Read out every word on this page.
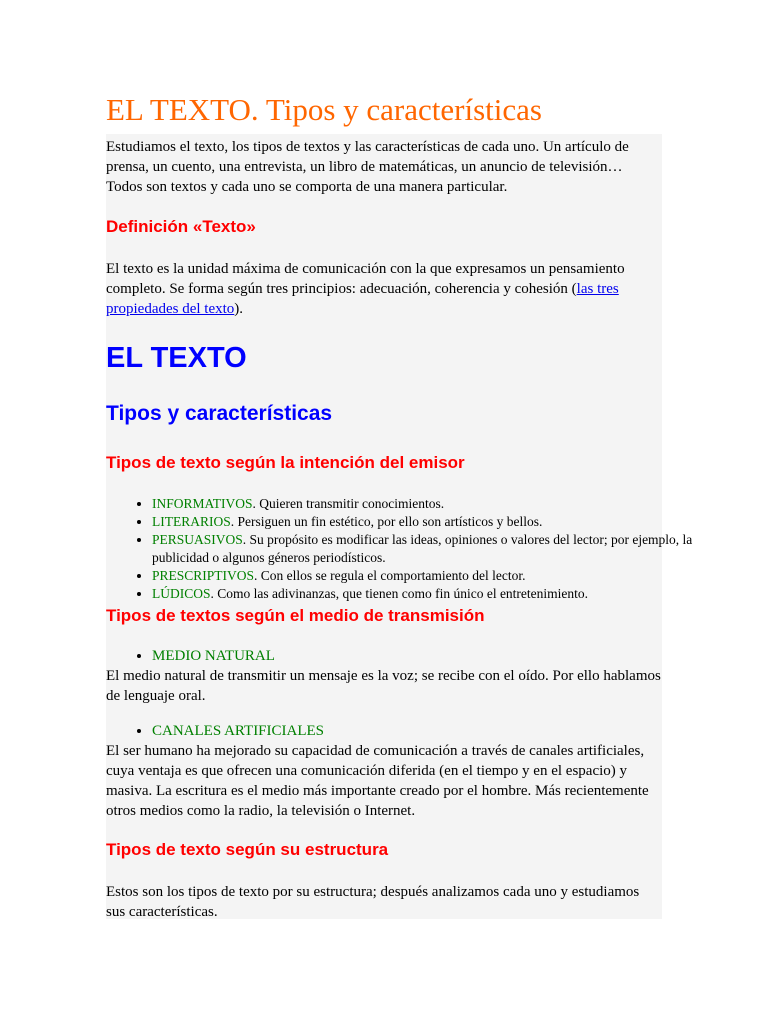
EL TEXTO. Tipos y características

Estudiamos el texto, los tipos de textos y las características de cada uno. Un artículo de prensa, un cuento, una entrevista, un libro de matemáticas, un anuncio de televisión… Todos son textos y cada uno se comporta de una manera particular.

Definición «Texto»

El texto es la unidad máxima de comunicación con la que expresamos un pensamiento completo. Se forma según tres principios: adecuación, coherencia y cohesión (las tres propiedades del texto).

EL TEXTO
Tipos y características
Tipos de texto según la intención del emisor
• INFORMATIVOS. Quieren transmitir conocimientos.
• LITERARIOS. Persiguen un fin estético, por ello son artísticos y bellos.
• PERSUASIVOS. Su propósito es modificar las ideas, opiniones o valores del lector; por ejemplo, la publicidad o algunos géneros periodísticos.
• PRESCRIPTIVOS. Con ellos se regula el comportamiento del lector.
• LÚDICOS. Como las adivinanzas, que tienen como fin único el entretenimiento.
Tipos de textos según el medio de transmisión
• MEDIO NATURAL

El medio natural de transmitir un mensaje es la voz; se recibe con el oído. Por ello hablamos de lenguaje oral.

• CANALES ARTIFICIALES

El ser humano ha mejorado su capacidad de comunicación a través de canales artificiales, cuya ventaja es que ofrecen una comunicación diferida (en el tiempo y en el espacio) y masiva. La escritura es el medio más importante creado por el hombre. Más recientemente otros medios como la radio, la televisión o Internet.

Tipos de texto según su estructura

Estos son los tipos de texto por su estructura; después analizamos cada uno y estudiamos sus características.
